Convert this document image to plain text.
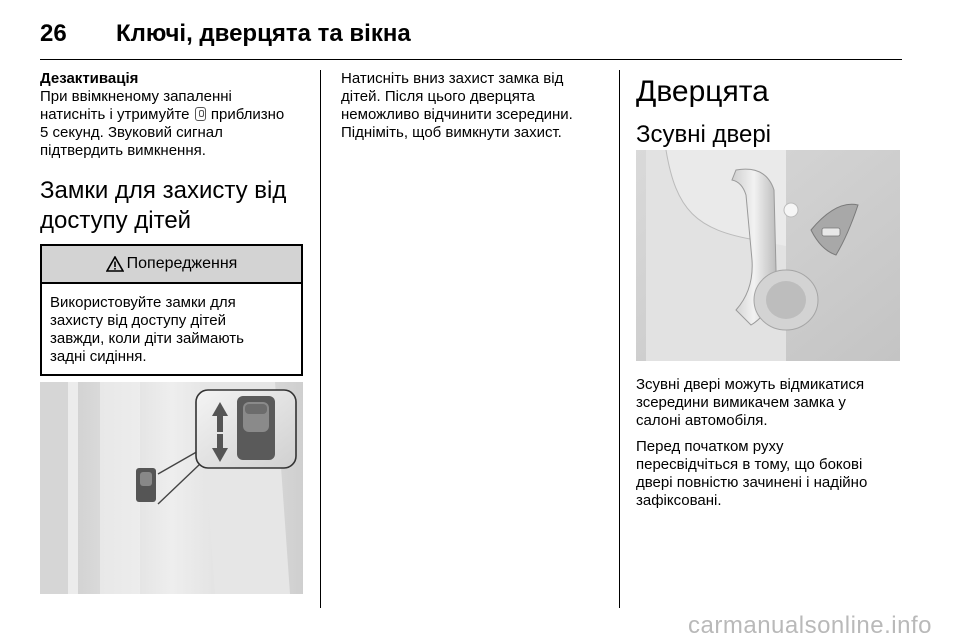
26 Ключі, дверцята та вікна
Дезактивація
При ввімкненому запаленні
натисніть і утримуйте приблизно
5 секунд. Звуковий сигнал
підтвердить вимкнення.
Замки для захисту від
доступу дітей
Попередження
Використовуйте замки для
захисту від доступу дітей
завжди, коли діти займають
задні сидіння.
Натисніть вниз захист замка від
дітей. Після цього дверцята
неможливо відчинити зсередини.
Підніміть, щоб вимкнути захист.
Дверцята
Зсувні двері
Зсувні двері можуть відмикатися
зсередини вимикачем замка у
салоні автомобіля.
Перед початком руху
пересвідчіться в тому, що бокові
двері повністю зачинені і надійно
зафіксовані.
carmanualsonline.info
